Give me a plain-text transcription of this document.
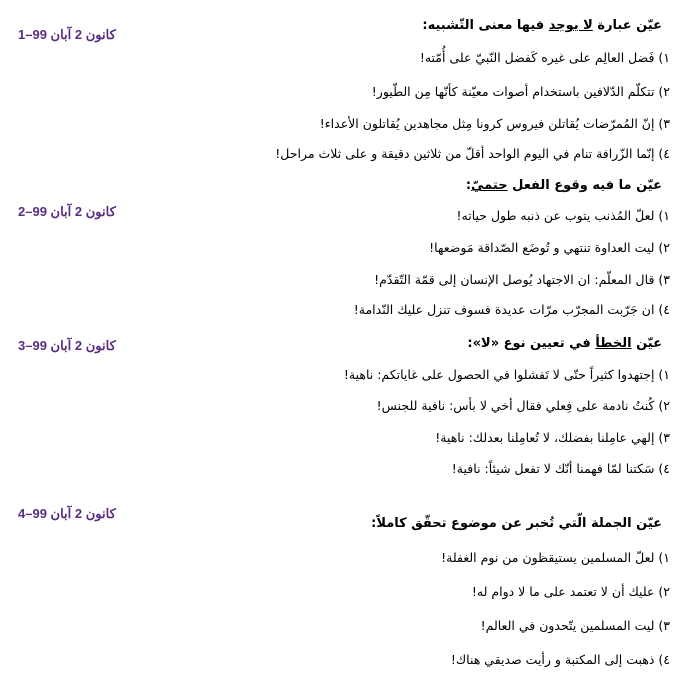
1–کانون 2 آبان 99
عيّن عبارة لا يوجد فيها معنى التّشبيه:
۱) فَضل العالِم على غيره كَفضل النّبيّ على أُمّته!
۲) تتكلّم الدّلافين باستخدام أصوات معيّنة كأنّها مِن الطّيور!
۳) إنّ المُمرّضات يُقاتلن فيروس كرونا مِثل مجاهدين يُقاتلون الأعداء!
٤) إنّما الزّرافة تنام في اليوم الواحد أقلّ من ثلاثين دقيقة و على ثلاث مراحل!
2–کانون 2 آبان 99
عيّن ما فيه وقوع الفعل حتميّ:
۱) لعلّ المُذنب يتوب عن ذنبه طول حياته!
۲) ليت العداوة تنتهي و تُوضَع الصّداقة مَوضعها!
۳) قال المعلّم: ان الاجتهاد يُوصل الإنسان إلى قمّة التّقدّم!
٤) ان جَرّبت المجرّب مرّات عديدة فسوف تنزل عليك النّدامة!
3–کانون 2 آبان 99	عيّن الخطأ في تعيين نوع «لا»:
۱) إجتهدوا كثيراً حتّى لا تَفشلوا في الحصول على غاياتكم: ناهية!
۲) كُنتُ نادمة على فِعلي فقال أخي لا بأس: نافية للجنس!
۳) إلهي عامِلنا بفضلك، لا تُعامِلنا بعدلك: ناهية!
٤) سَكتنا لمّا فهمنا أنّك لا تفعل شيئاً: نافية!
4–کانون 2 آبان 99
عيّن الجملة الّتي تُخبر عن موضوع تحقّق كاملاً:
۱) لعلّ المسلمين يستيقظون من نوم الغفلة!
۲) عليك أن لا تعتمد على ما لا دوام له!
۳) ليت المسلمين يتّحدون في العالم!
٤) ذهبت إلى المكتبة و رأيت صديقي هناك!
